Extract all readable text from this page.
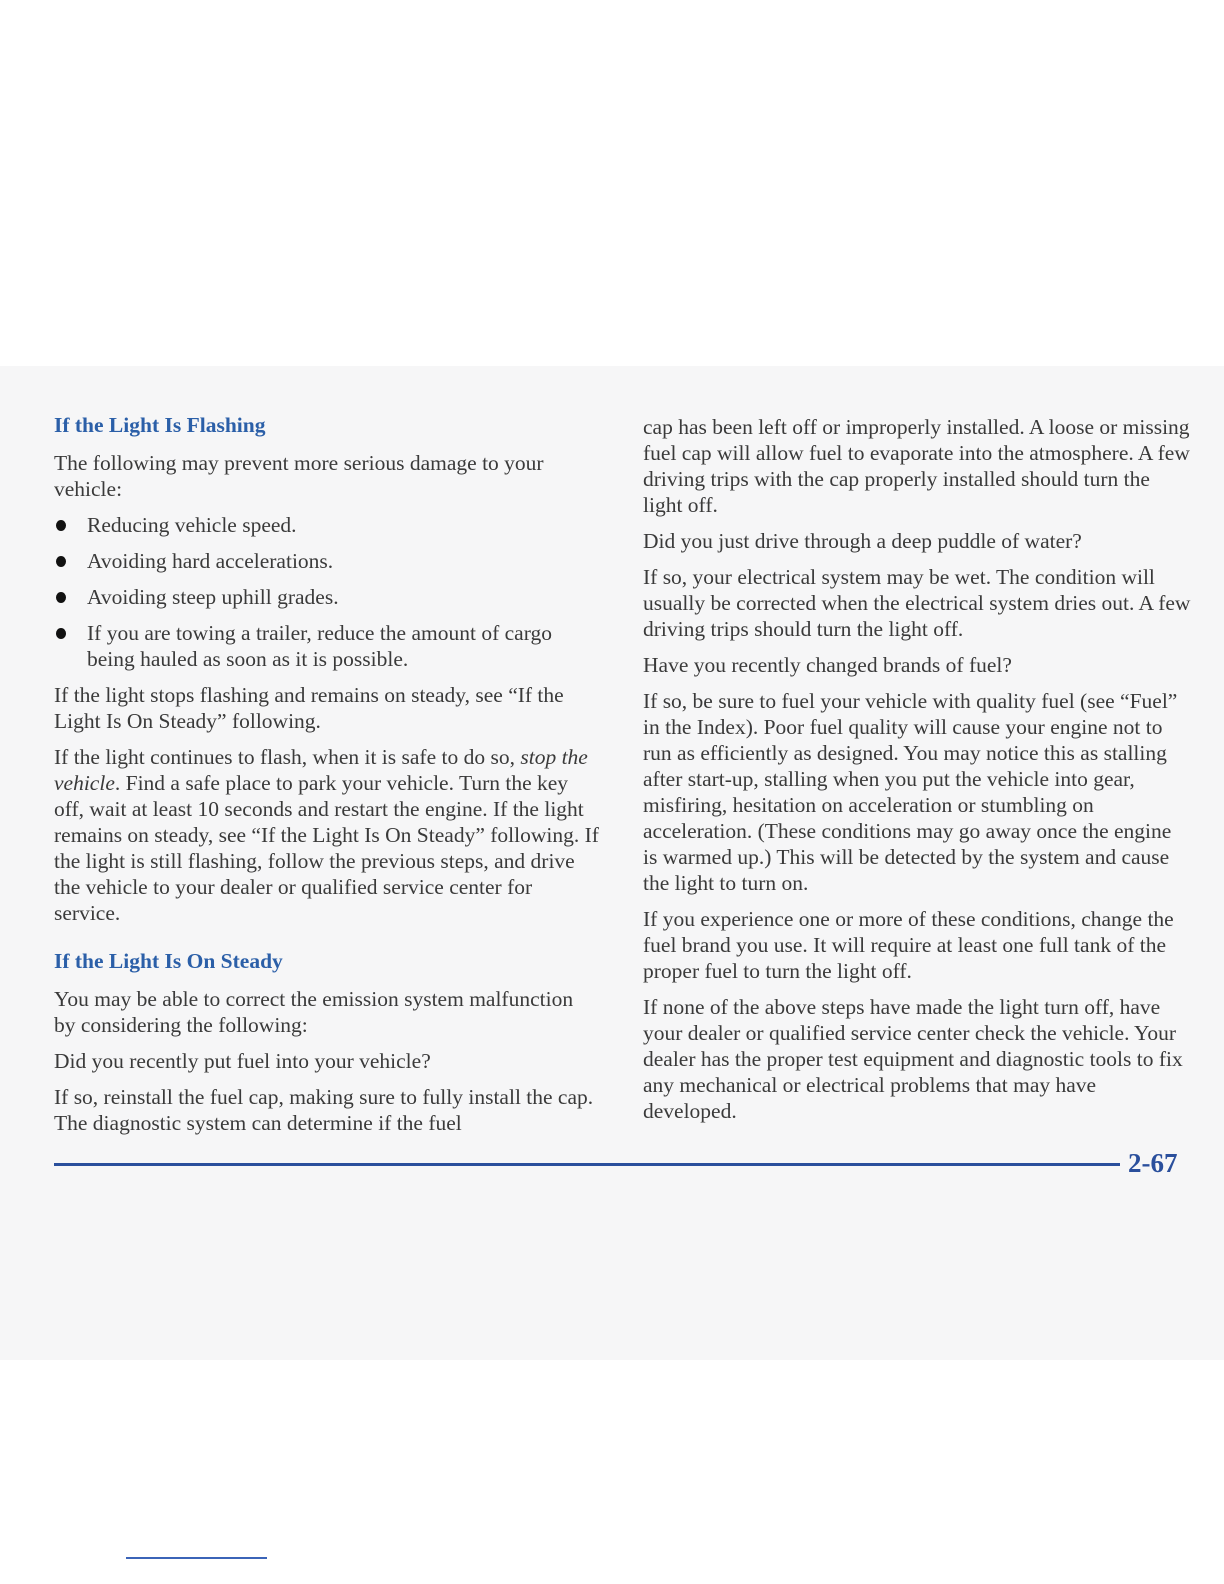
If the Light Is Flashing

The following may prevent more serious damage to your vehicle:

Reducing vehicle speed.
Avoiding hard accelerations.
Avoiding steep uphill grades.
If you are towing a trailer, reduce the amount of cargo being hauled as soon as it is possible.

If the light stops flashing and remains on steady, see “If the Light Is On Steady” following.

If the light continues to flash, when it is safe to do so, stop the vehicle. Find a safe place to park your vehicle. Turn the key off, wait at least 10 seconds and restart the engine. If the light remains on steady, see “If the Light Is On Steady” following. If the light is still flashing, follow the previous steps, and drive the vehicle to your dealer or qualified service center for service.

If the Light Is On Steady

You may be able to correct the emission system malfunction by considering the following:

Did you recently put fuel into your vehicle?

If so, reinstall the fuel cap, making sure to fully install the cap. The diagnostic system can determine if the fuel

cap has been left off or improperly installed. A loose or missing fuel cap will allow fuel to evaporate into the atmosphere. A few driving trips with the cap properly installed should turn the light off.

Did you just drive through a deep puddle of water?

If so, your electrical system may be wet. The condition will usually be corrected when the electrical system dries out. A few driving trips should turn the light off.

Have you recently changed brands of fuel?

If so, be sure to fuel your vehicle with quality fuel (see “Fuel” in the Index). Poor fuel quality will cause your engine not to run as efficiently as designed. You may notice this as stalling after start-up, stalling when you put the vehicle into gear, misfiring, hesitation on acceleration or stumbling on acceleration. (These conditions may go away once the engine is warmed up.) This will be detected by the system and cause the light to turn on.

If you experience one or more of these conditions, change the fuel brand you use. It will require at least one full tank of the proper fuel to turn the light off.

If none of the above steps have made the light turn off, have your dealer or qualified service center check the vehicle. Your dealer has the proper test equipment and diagnostic tools to fix any mechanical or electrical problems that may have developed.

2-67
